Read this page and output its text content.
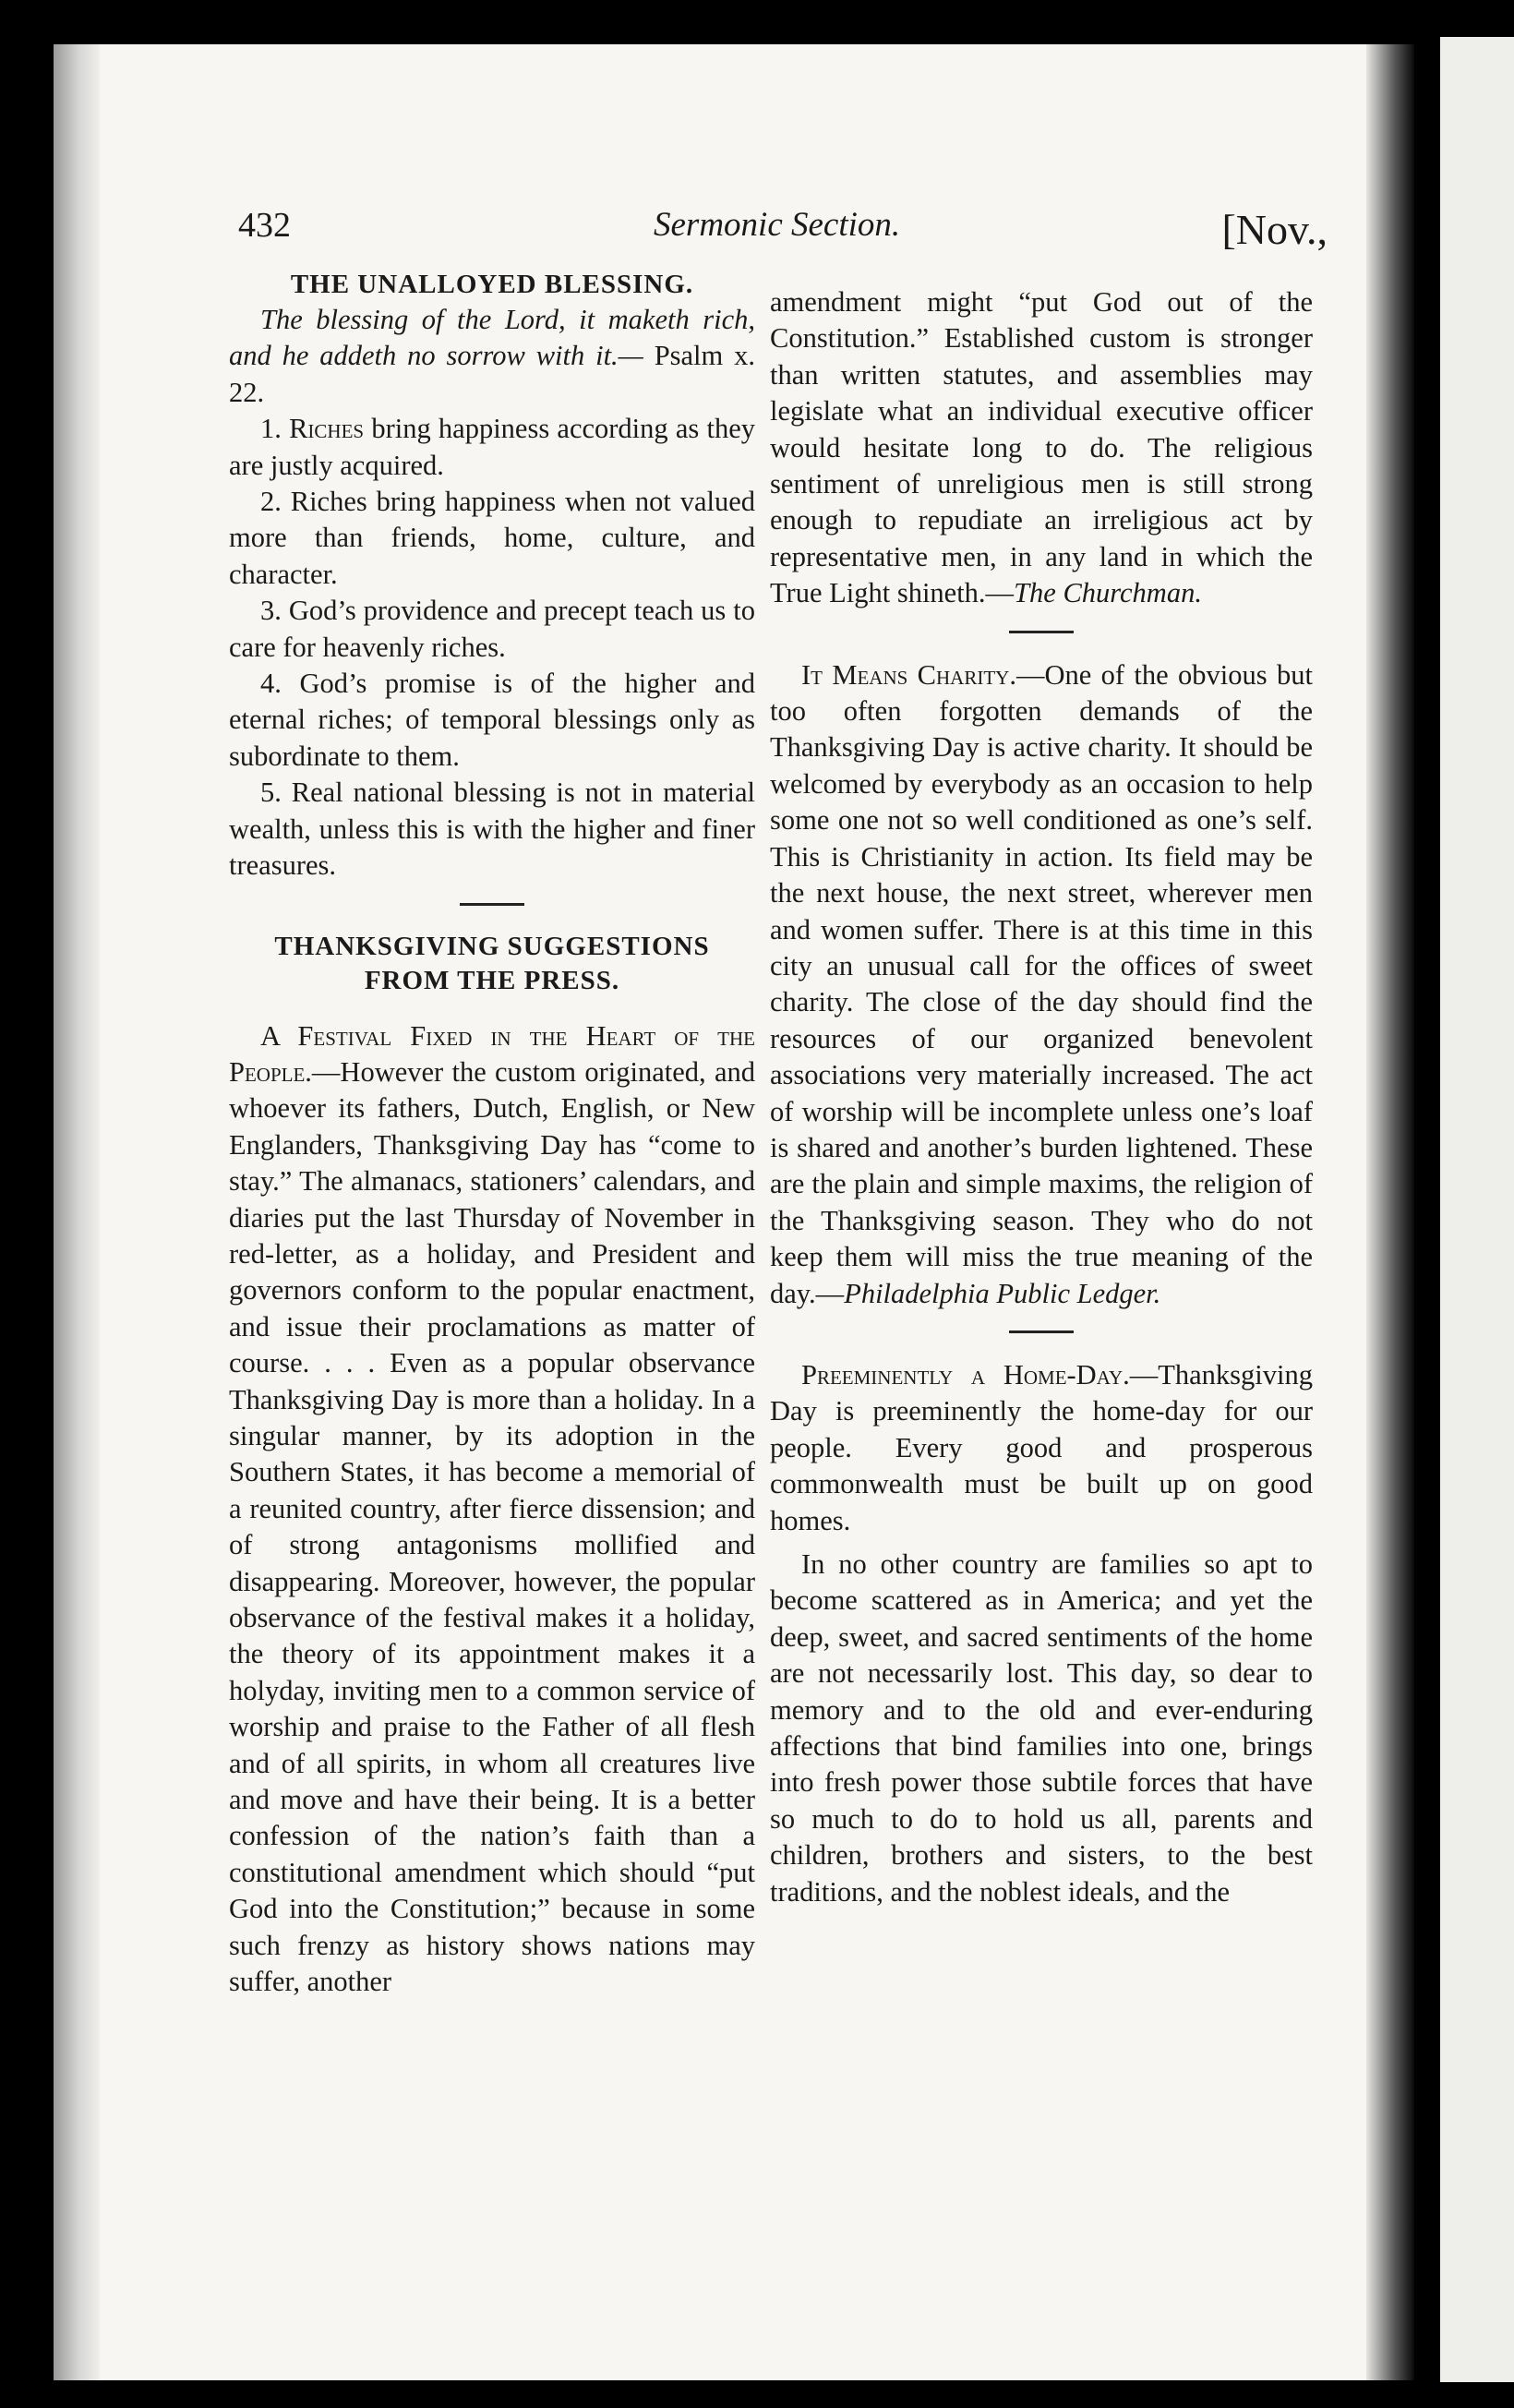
432	Sermonic Section.	[Nov.,
THE UNALLOYED BLESSING.

The blessing of the Lord, it maketh rich, and he addeth no sorrow with it.— Psalm x. 22.

1. Riches bring happiness according as they are justly acquired.

2. Riches bring happiness when not valued more than friends, home, culture, and character.

3. God’s providence and precept teach us to care for heavenly riches.

4. God’s promise is of the higher and eternal riches; of temporal blessings only as subordinate to them.

5. Real national blessing is not in material wealth, unless this is with the higher and finer treasures.

THANKSGIVING SUGGESTIONS FROM THE PRESS.

A Festival Fixed in the Heart of the People.—However the custom originated, and whoever its fathers, Dutch, English, or New Englanders, Thanksgiving Day has “come to stay.” The almanacs, stationers’ calendars, and diaries put the last Thursday of November in red-letter, as a holiday, and President and governors conform to the popular enactment, and issue their proclamations as matter of course. . . . Even as a popular observance Thanksgiving Day is more than a holiday. In a singular manner, by its adoption in the Southern States, it has become a memorial of a reunited country, after fierce dissension; and of strong antagonisms mollified and disappearing. Moreover, however, the popular observance of the festival makes it a holiday, the theory of its appointment makes it a holyday, inviting men to a common service of worship and praise to the Father of all flesh and of all spirits, in whom all creatures live and move and have their being. It is a better confession of the nation’s faith than a constitutional amendment which should “put God into the Constitution;” because in some such frenzy as history shows nations may suffer, another

amendment might “put God out of the Constitution.” Established custom is stronger than written statutes, and assemblies may legislate what an individual executive officer would hesitate long to do. The religious sentiment of unreligious men is still strong enough to repudiate an irreligious act by representative men, in any land in which the True Light shineth.—The Churchman.

It Means Charity.—One of the obvious but too often forgotten demands of the Thanksgiving Day is active charity. It should be welcomed by everybody as an occasion to help some one not so well conditioned as one’s self. This is Christianity in action. Its field may be the next house, the next street, wherever men and women suffer. There is at this time in this city an unusual call for the offices of sweet charity. The close of the day should find the resources of our organized benevolent associations very materially increased. The act of worship will be incomplete unless one’s loaf is shared and another’s burden lightened. These are the plain and simple maxims, the religion of the Thanksgiving season. They who do not keep them will miss the true meaning of the day.—Philadelphia Public Ledger.

Preeminently a Home-Day.—Thanksgiving Day is preeminently the home-day for our people. Every good and prosperous commonwealth must be built up on good homes.

In no other country are families so apt to become scattered as in America; and yet the deep, sweet, and sacred sentiments of the home are not necessarily lost. This day, so dear to memory and to the old and ever-enduring affections that bind families into one, brings into fresh power those subtile forces that have so much to do to hold us all, parents and children, brothers and sisters, to the best traditions, and the noblest ideals, and the
